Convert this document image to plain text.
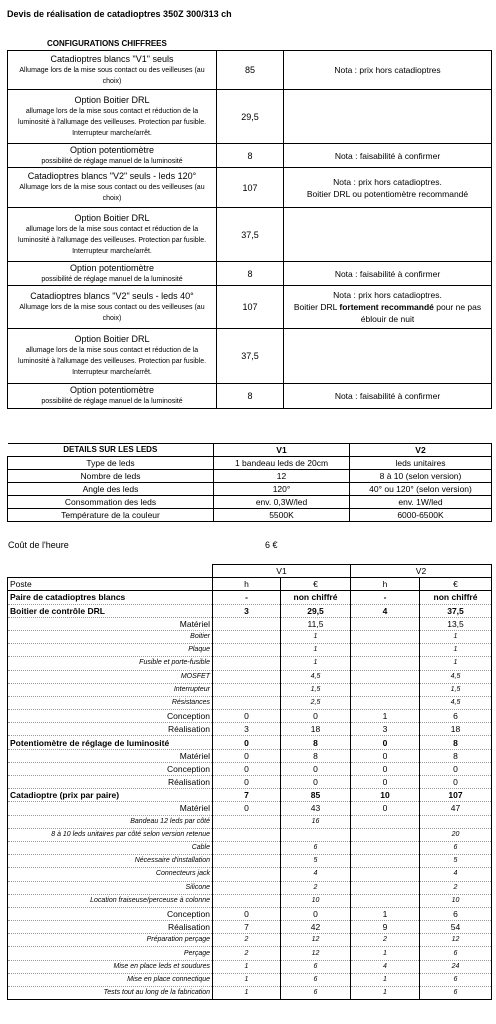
Devis de réalisation de catadioptres 350Z 300/313 ch
CONFIGURATIONS CHIFFREES
Catadioptres blancs "V1" seuls
Allumage lors de la mise sous contact ou des veilleuses (au choix)	85	Nota : prix hors catadioptres

Option Boitier DRL
allumage lors de la mise sous contact et réduction de la luminosité à l'allumage des veilleuses. Protection par fusible. Interrupteur marche/arrêt.	29,5	

Option potentiomètre
possibilité de réglage manuel de la luminosité	8	Nota : faisabilité à confirmer

Catadioptres blancs "V2" seuls - leds 120°
Allumage lors de la mise sous contact ou des veilleuses (au choix)	107	Nota : prix hors catadioptres.
Boitier DRL ou potentiomètre recommandé

Option Boitier DRL
allumage lors de la mise sous contact et réduction de la luminosité à l'allumage des veilleuses. Protection par fusible. Interrupteur marche/arrêt.	37,5	

Option potentiomètre
possibilité de réglage manuel de la luminosité	8	Nota : faisabilité à confirmer

Catadioptres blancs "V2" seuls - leds 40°
Allumage lors de la mise sous contact ou des veilleuses (au choix)	107	Nota : prix hors catadioptres.
Boitier DRL fortement recommandé pour ne pas éblouir de nuit

Option Boitier DRL
allumage lors de la mise sous contact et réduction de la luminosité à l'allumage des veilleuses. Protection par fusible. Interrupteur marche/arrêt.	37,5	

Option potentiomètre
possibilité de réglage manuel de la luminosité	8	Nota : faisabilité à confirmer
DETAILS SUR LES LEDS	V1	V2
Type de leds	1 bandeau leds de 20cm	leds unitaires
Nombre de leds	12	8 à 10 (selon version)
Angle des leds	120°	40° ou 120° (selon version)
Consommation des leds	env. 0,3W/led	env. 1W/led
Température de la couleur	5500K	6000-6500K
Coût de l'heure	6 €
	V1		V2	
Poste	h	€	h	€
Paire de catadioptres blancs	-	non chiffré	-	non chiffré
Boitier de contrôle DRL	3	29,5	4	37,5
Matériel		11,5		13,5
Boitier		1		1
Plaque		1		1
Fusible et porte-fusible		1		1
MOSFET		4,5		4,5
Interrupteur		1,5		1,5
Résistances		2,5		4,5
Conception	0	0	1	6
Réalisation	3	18	3	18
Potentiomètre de réglage de luminosité	0	8	0	8
Matériel	0	8	0	8
Conception	0	0	0	0
Réalisation	0	0	0	0
Catadioptre (prix par paire)	7	85	10	107
Matériel	0	43	0	47
Bandeau 12 leds par côté		16		
8 à 10 leds unitaires par côté selon version retenue				20
Cable		6		6
Nécessaire d'installation		5		5
Connecteurs jack		4		4
Silicone		2		2
Location fraiseuse/perceuse à colonne		10		10
Conception	0	0	1	6
Réalisation	7	42	9	54
Préparation perçage	2	12	2	12
Perçage	2	12	1	6
Mise en place leds et soudures	1	6	4	24
Mise en place connectique	1	6	1	6
Tests tout au long de la fabrication	1	6	1	6
